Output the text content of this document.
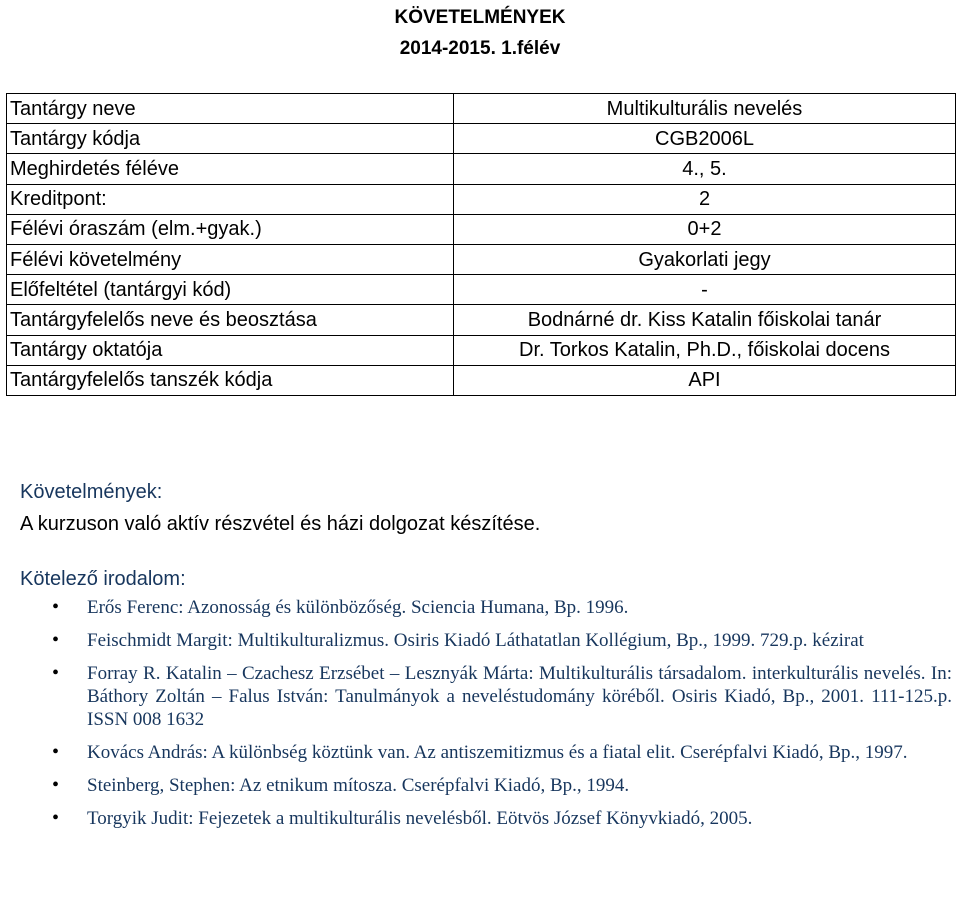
KÖVETELMÉNYEK
2014-2015. 1.félév
Tantárgy neve	Multikulturális nevelés
Tantárgy kódja	CGB2006L
Meghirdetés féléve	4., 5.
Kreditpont:	2
Félévi óraszám (elm.+gyak.)	0+2
Félévi követelmény	Gyakorlati jegy
Előfeltétel (tantárgyi kód)	-
Tantárgyfelelős neve és beosztása	Bodnárné dr. Kiss Katalin főiskolai tanár
Tantárgy oktatója	Dr. Torkos Katalin, Ph.D., főiskolai docens
Tantárgyfelelős tanszék kódja	API
Követelmények:
A kurzuson való aktív részvétel és házi dolgozat készítése.
Kötelező irodalom:
• Erős Ferenc: Azonosság és különbözőség. Sciencia Humana, Bp. 1996.
• Feischmidt Margit: Multikulturalizmus. Osiris Kiadó Láthatatlan Kollégium, Bp., 1999. 729.p. kézirat
• Forray R. Katalin – Czachesz Erzsébet – Lesznyák Márta: Multikulturális társadalom. interkulturális nevelés. In: Báthory Zoltán – Falus István: Tanulmányok a neveléstudomány köréből. Osiris Kiadó, Bp., 2001. 111-125.p. ISSN 008 1632
• Kovács András: A különbség köztünk van. Az antiszemitizmus és a fiatal elit. Cserépfalvi Kiadó, Bp., 1997.
• Steinberg, Stephen: Az etnikum mítosza. Cserépfalvi Kiadó, Bp., 1994.
• Torgyik Judit: Fejezetek a multikulturális nevelésből. Eötvös József Könyvkiadó, 2005.
